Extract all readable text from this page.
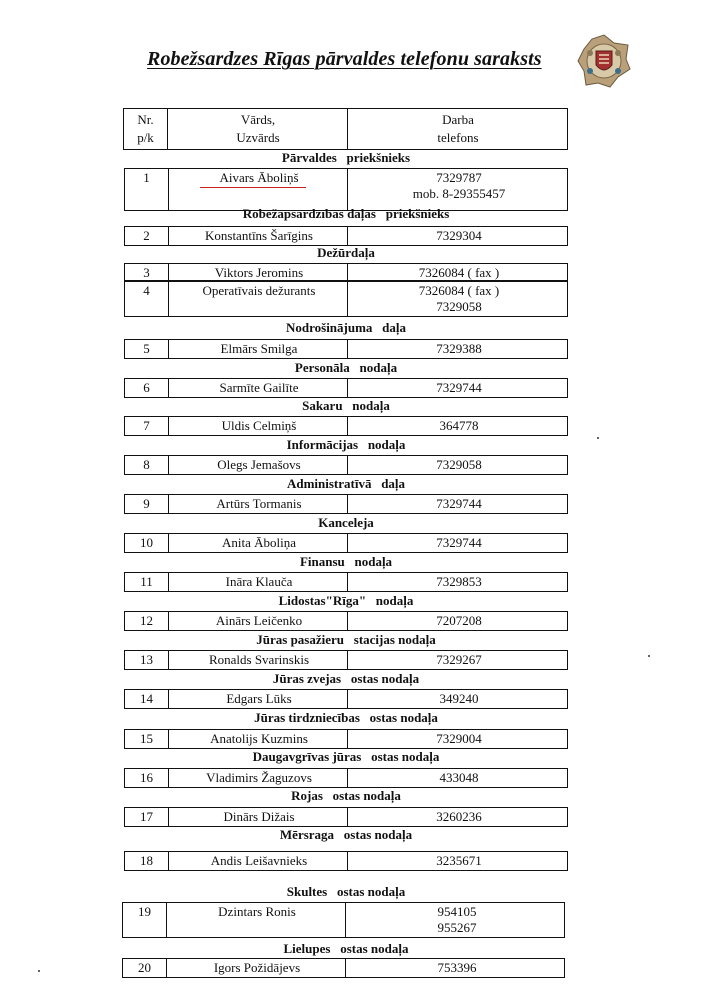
Robežsardzes Rīgas pārvaldes telefonu saraksts
Nr.
p/k
Vārds,
Uzvārds
Darba
telefons
Pārvaldes   priekšnieks
1	Aivars Āboliņš	7329787
mob. 8-29355457
Robežapsardzības daļas   priekšnieks
2	Konstantīns Šarīgins	7329304
Dežūrdaļa
3	Viktors Jeromins	7326084 ( fax )
4	Operatīvais dežurants	7326084 ( fax )
7329058
Nodrošinājuma   daļa
5	Elmārs Smilga	7329388
Personāla   nodaļa
6	Sarmīte Gailīte	7329744
Sakaru   nodaļa
7	Uldis Celmiņš	364778
Informācijas   nodaļa
8	Olegs Jemašovs	7329058
Administratīvā   daļa
9	Artūrs Tormanis	7329744
Kanceleja
10	Anita Āboliņa	7329744
Finansu   nodaļa
11	Ināra Klauča	7329853
Lidostas"Rīga"   nodaļa
12	Ainārs Leičenko	7207208
Jūras pasažieru   stacijas nodaļa
13	Ronalds Svarinskis	7329267
Jūras zvejas   ostas nodaļa
14	Edgars Lūks	349240
Jūras tirdzniecības   ostas nodaļa
15	Anatolijs Kuzmins	7329004
Daugavgrīvas jūras   ostas nodaļa
16	Vladimirs Žaguzovs	433048
Rojas   ostas nodaļa
17	Dinārs Dižais	3260236
Mērsraga   ostas nodaļa
18	Andis Leišavnieks	3235671
Skultes   ostas nodaļa
19	Dzintars Ronis	954105
955267
Lielupes   ostas nodaļa
20	Igors Požidājevs	753396
